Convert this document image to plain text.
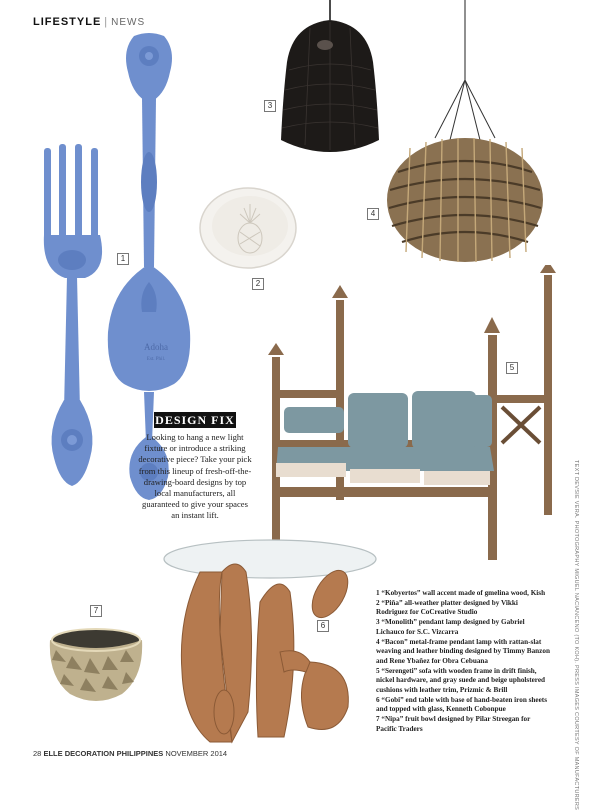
LIFESTYLE | NEWS
Adoha
Est. Phil.
1
2
3
4
5
6
7
DESIGN FIX
Looking to hang a new light fixture or introduce a striking decorative piece? Take your pick from this lineup of fresh-off-the-drawing-board designs by top local manufacturers, all guaranteed to give your spaces an instant lift.

1 “Kobyertos” wall accent made of gmelina wood, Kish

2 “Piña” all-weather platter designed by Vikki Rodriguez for CoCreative Studio

3 “Monolith” pendant lamp designed by Gabriel Lichauco for S.C. Vizcarra

4 “Bacon” metal-frame pendant lamp with rattan-slat weaving and leather binding designed by Timmy Banzon and Rene Ybañez for Obra Cebuana

5 “Serengeti” sofa with wooden frame in drift finish, nickel hardware, and gray suede and beige upholstered cushions with leather trim, Prizmic & Brill

6 “Gobi” end table with base of hand-beaten iron sheets and topped with glass, Kenneth Cobonpue

7 “Nipa” fruit bowl designed by Pilar Streegan for Pacific Traders	TEXT DEVSIE VERA. PHOTOGRAPHY MIGUEL NACIANCENO (TO KOH). PRESS IMAGES COURTESY OF MANUFACTURERS
28 ELLE DECORATION PHILIPPINES NOVEMBER 2014
